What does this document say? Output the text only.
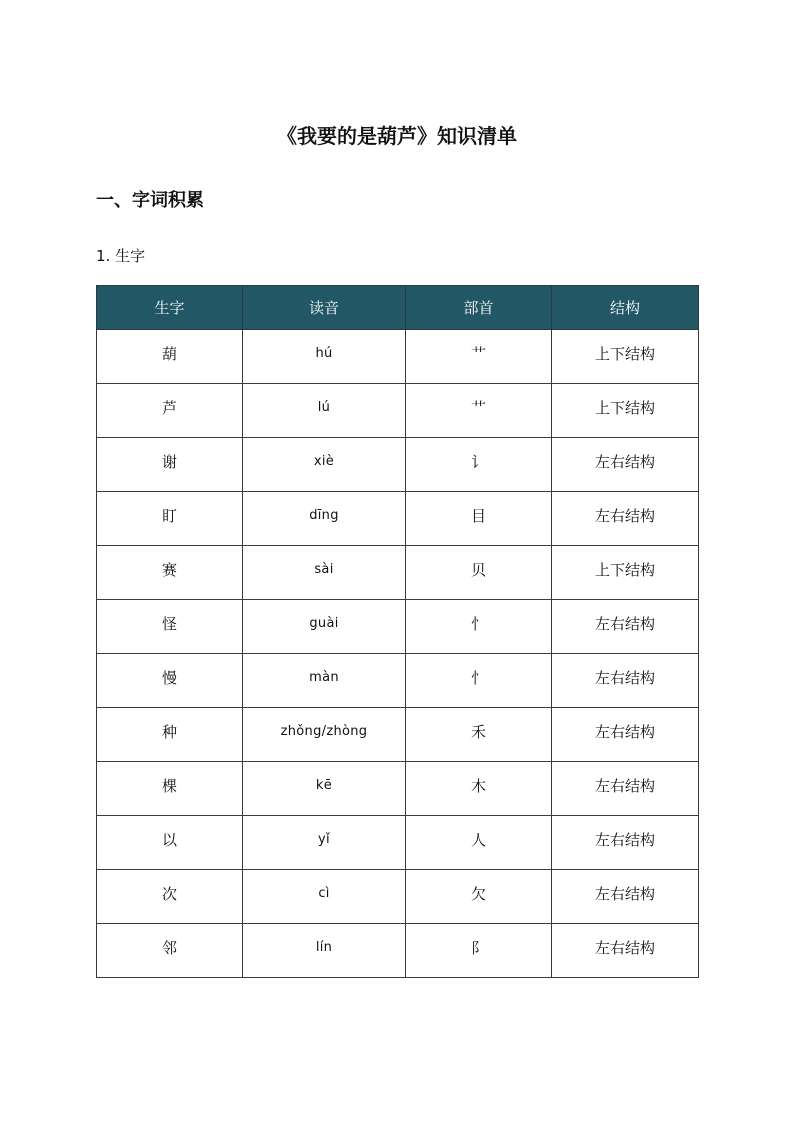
《我要的是葫芦》知识清单
一、字词积累
1. 生字
生字	读音	部首	结构
葫	hú	艹	上下结构
芦	lú	艹	上下结构
谢	xiè	讠	左右结构
盯	dīng	目	左右结构
赛	sài	贝	上下结构
怪	guài	忄	左右结构
慢	màn	忄	左右结构
种	zhǒng/zhòng	禾	左右结构
棵	kē	木	左右结构
以	yǐ	人	左右结构
次	cì	欠	左右结构
邻	lín	阝	左右结构
